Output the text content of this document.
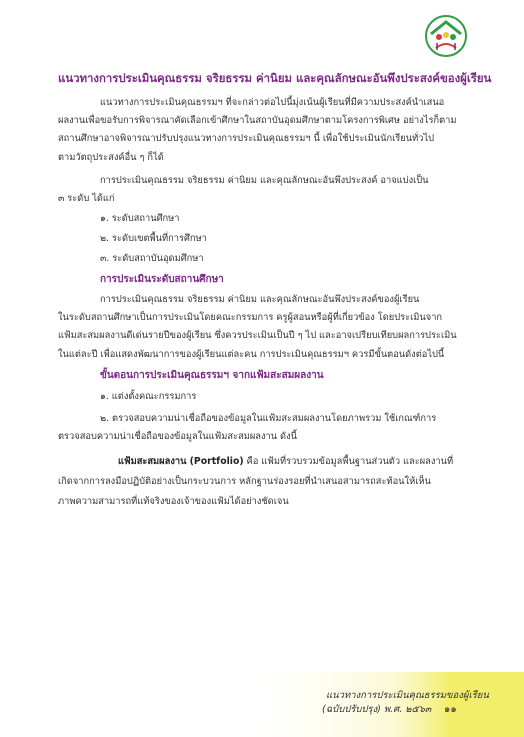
แนวทางการประเมินคุณธรรม จริยธรรม ค่านิยม และคุณลักษณะอันพึงประสงค์ของผู้เรียน
แนวทางการประเมินคุณธรรมฯ ที่จะกล่าวต่อไปนี้มุ่งเน้นผู้เรียนที่มีความประสงค์นำเสนอ
ผลงานเพื่อขอรับการพิจารณาคัดเลือกเข้าศึกษาในสถาบันอุดมศึกษาตามโครงการพิเศษ อย่างไรก็ตาม
สถานศึกษาอาจพิจารณาปรับปรุงแนวทางการประเมินคุณธรรมฯ นี้ เพื่อใช้ประเมินนักเรียนทั่วไป
ตามวัตถุประสงค์อื่น ๆ ก็ได้
การประเมินคุณธรรม จริยธรรม ค่านิยม และคุณลักษณะอันพึงประสงค์ อาจแบ่งเป็น
๓ ระดับ ได้แก่
๑. ระดับสถานศึกษา
๒. ระดับเขตพื้นที่การศึกษา
๓. ระดับสถาบันอุดมศึกษา
การประเมินระดับสถานศึกษา
การประเมินคุณธรรม จริยธรรม ค่านิยม และคุณลักษณะอันพึงประสงค์ของผู้เรียน
ในระดับสถานศึกษาเป็นการประเมินโดยคณะกรรมการ ครูผู้สอนหรือผู้ที่เกี่ยวข้อง โดยประเมินจาก
แฟ้มสะสมผลงานดีเด่นรายปีของผู้เรียน ซึ่งควรประเมินเป็นปี ๆ ไป และอาจเปรียบเทียบผลการประเมิน
ในแต่ละปี เพื่อแสดงพัฒนาการของผู้เรียนแต่ละคน การประเมินคุณธรรมฯ ควรมีขั้นตอนดังต่อไปนี้
ขั้นตอนการประเมินคุณธรรมฯ จากแฟ้มสะสมผลงาน
๑. แต่งตั้งคณะกรรมการ
๒. ตรวจสอบความน่าเชื่อถือของข้อมูลในแฟ้มสะสมผลงานโดยภาพรวม ใช้เกณฑ์การ
ตรวจสอบความน่าเชื่อถือของข้อมูลในแฟ้มสะสมผลงาน ดังนี้
แฟ้มสะสมผลงาน (Portfolio) คือ แฟ้มที่รวบรวมข้อมูลพื้นฐานส่วนตัว และผลงานที่
เกิดจากการลงมือปฏิบัติอย่างเป็นกระบวนการ หลักฐานร่องรอยที่นำเสนอสามารถสะท้อนให้เห็น
ภาพความสามารถที่แท้จริงของเจ้าของแฟ้มได้อย่างชัดเจน
แนวทางการประเมินคุณธรรมของผู้เรียน
(ฉบับปรับปรุง) พ.ศ. ๒๕๖๓ ๑๑
